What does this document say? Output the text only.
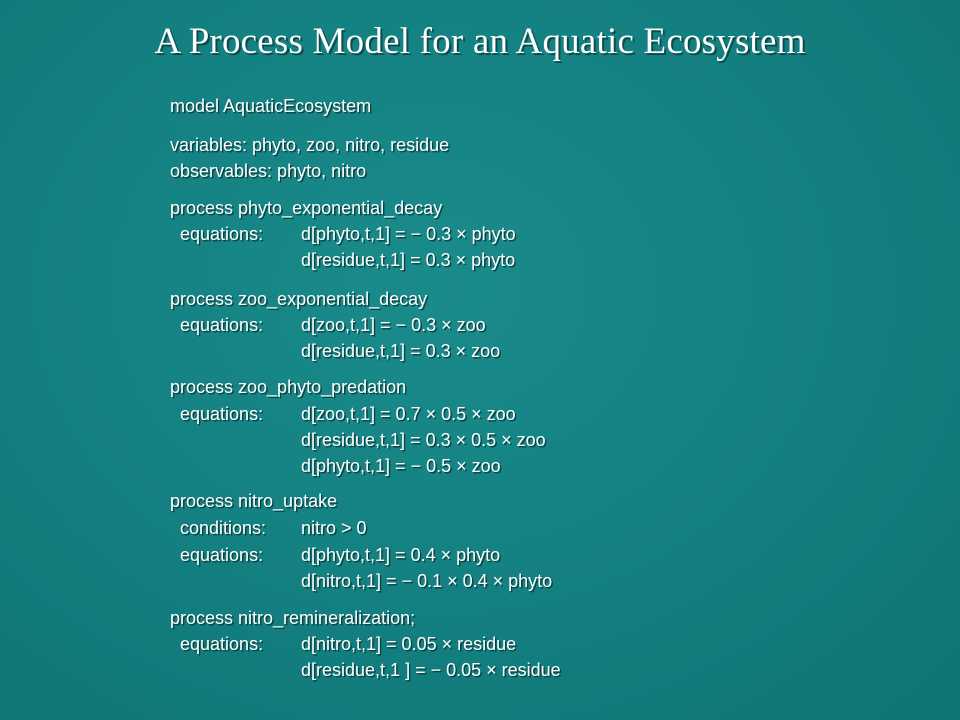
A Process Model for an Aquatic Ecosystem
model AquaticEcosystem
variables: phyto, zoo, nitro, residue
observables: phyto, nitro
process phyto_exponential_decay
equations: d[phyto,t,1] = − 0.3 × phyto
d[residue,t,1] = 0.3 × phyto
process zoo_exponential_decay
equations: d[zoo,t,1] = − 0.3 × zoo
d[residue,t,1] = 0.3 × zoo
process zoo_phyto_predation
equations: d[zoo,t,1] = 0.7 × 0.5 × zoo
d[residue,t,1] = 0.3 × 0.5 × zoo
d[phyto,t,1] = − 0.5 × zoo
process nitro_uptake
conditions: nitro > 0
equations: d[phyto,t,1] = 0.4 × phyto
d[nitro,t,1] = − 0.1 × 0.4 × phyto
process nitro_remineralization;
equations: d[nitro,t,1] = 0.05 × residue
d[residue,t,1 ] = − 0.05 × residue
